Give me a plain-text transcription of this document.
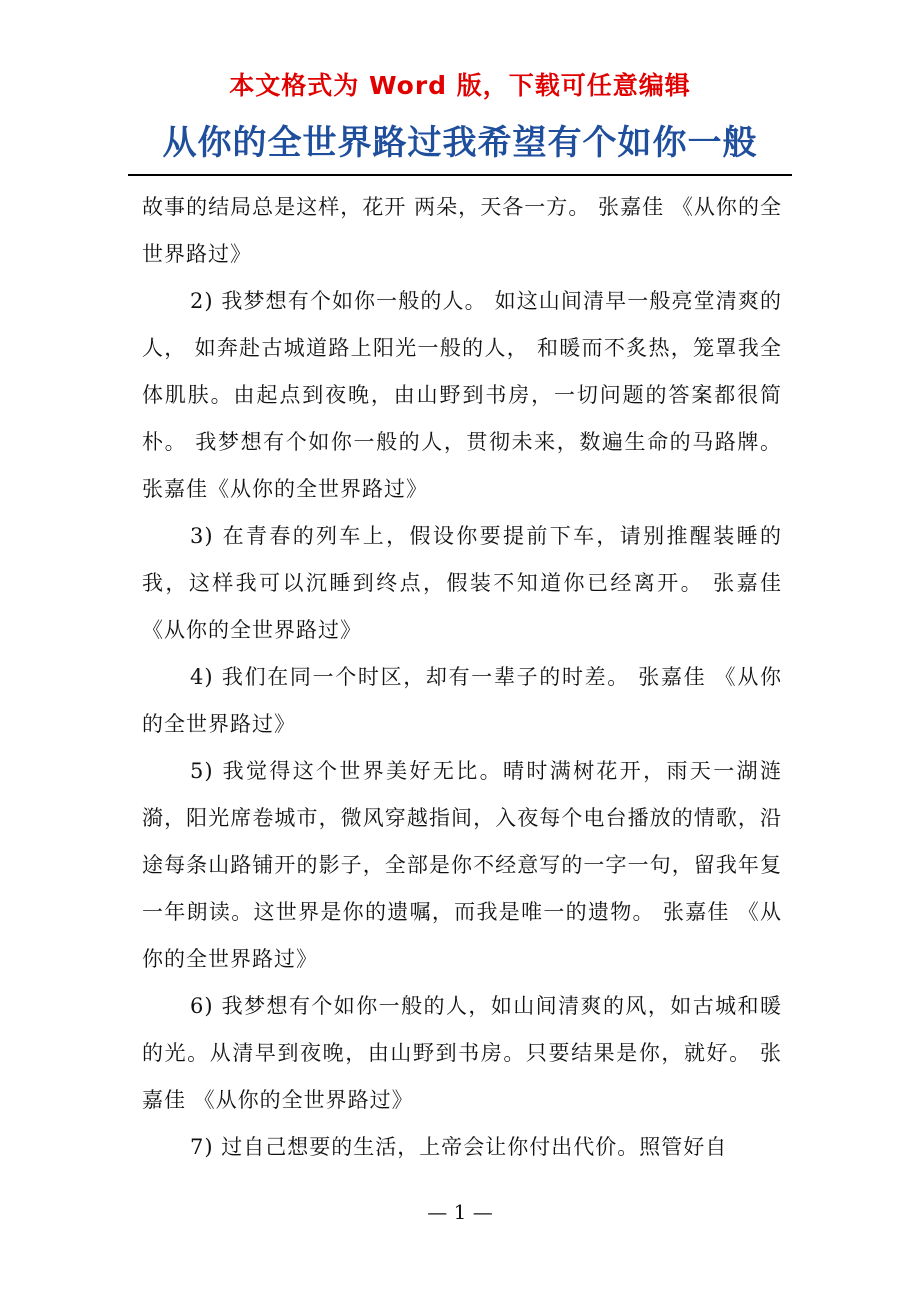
本文格式为 Word 版，下载可任意编辑
从你的全世界路过我希望有个如你一般

故事的结局总是这样，花开 两朵，天各一方。 张嘉佳 《从你的全世界路过》

2) 我梦想有个如你一般的人。 如这山间清早一般亮堂清爽的人， 如奔赴古城道路上阳光一般的人， 和暖而不炙热，笼罩我全体肌肤。由起点到夜晚，由山野到书房，一切问题的答案都很简朴。 我梦想有个如你一般的人，贯彻未来，数遍生命的马路牌。 张嘉佳《从你的全世界路过》

3) 在青春的列车上，假设你要提前下车，请别推醒装睡的我，这样我可以沉睡到终点，假装不知道你已经离开。 张嘉佳 《从你的全世界路过》

4) 我们在同一个时区，却有一辈子的时差。 张嘉佳 《从你的全世界路过》

5) 我觉得这个世界美好无比。晴时满树花开，雨天一湖涟漪，阳光席卷城市，微风穿越指间，入夜每个电台播放的情歌，沿途每条山路铺开的影子，全部是你不经意写的一字一句，留我年复一年朗读。这世界是你的遗嘱，而我是唯一的遗物。 张嘉佳 《从你的全世界路过》

6) 我梦想有个如你一般的人，如山间清爽的风，如古城和暖的光。从清早到夜晚，由山野到书房。只要结果是你，就好。 张嘉佳 《从你的全世界路过》

7) 过自己想要的生活，上帝会让你付出代价。照管好自

— 1 —
